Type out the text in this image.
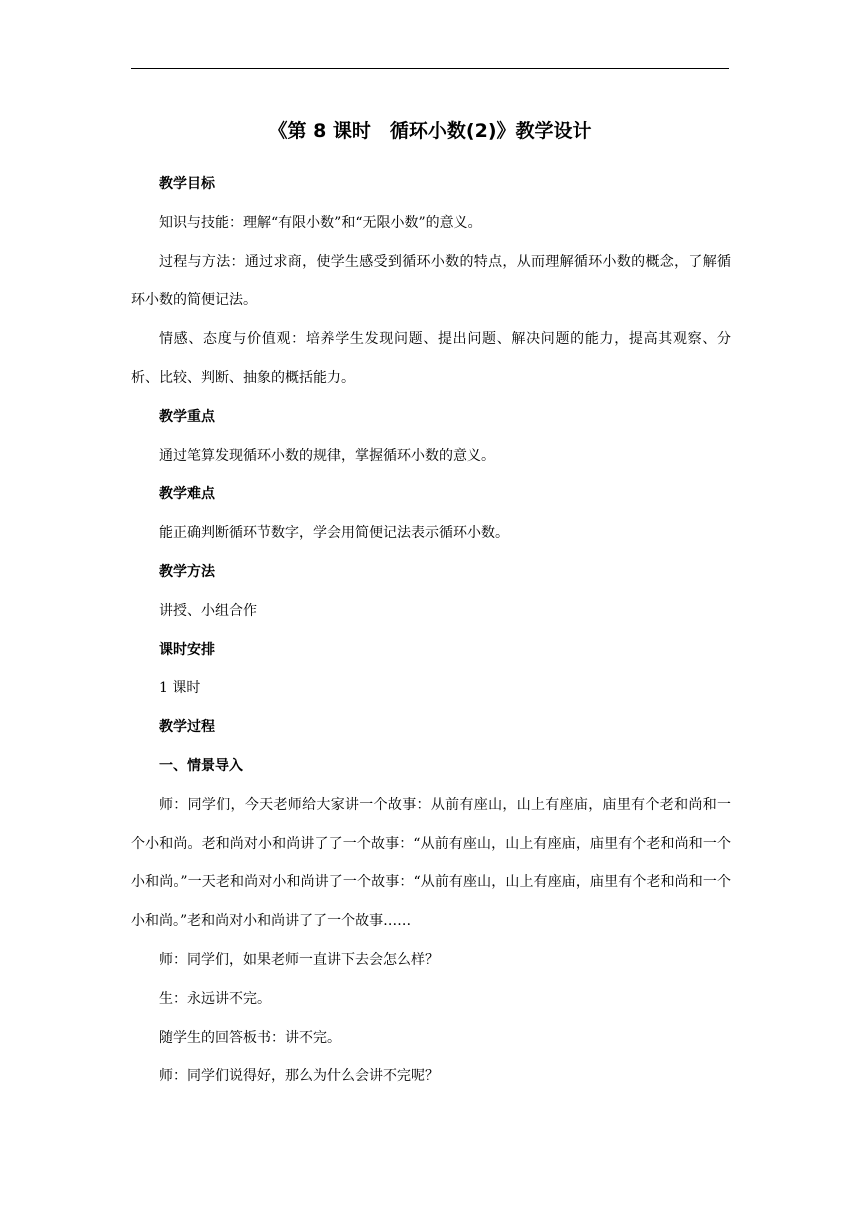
《第 8 课时　循环小数(2)》教学设计

教学目标

知识与技能：理解“有限小数”和“无限小数”的意义。

过程与方法：通过求商，使学生感受到循环小数的特点，从而理解循环小数的概念，了解循环小数的简便记法。

情感、态度与价值观：培养学生发现问题、提出问题、解决问题的能力，提高其观察、分析、比较、判断、抽象的概括能力。

教学重点

通过笔算发现循环小数的规律，掌握循环小数的意义。

教学难点

能正确判断循环节数字，学会用简便记法表示循环小数。

教学方法

讲授、小组合作

课时安排

1 课时

教学过程

一、情景导入

师：同学们，今天老师给大家讲一个故事：从前有座山，山上有座庙，庙里有个老和尚和一个小和尚。老和尚对小和尚讲了了一个故事：“从前有座山，山上有座庙，庙里有个老和尚和一个小和尚。”一天老和尚对小和尚讲了一个故事：“从前有座山，山上有座庙，庙里有个老和尚和一个小和尚。”老和尚对小和尚讲了了一个故事……

师：同学们，如果老师一直讲下去会怎么样？

生：永远讲不完。

随学生的回答板书：讲不完。

师：同学们说得好，那么为什么会讲不完呢？
